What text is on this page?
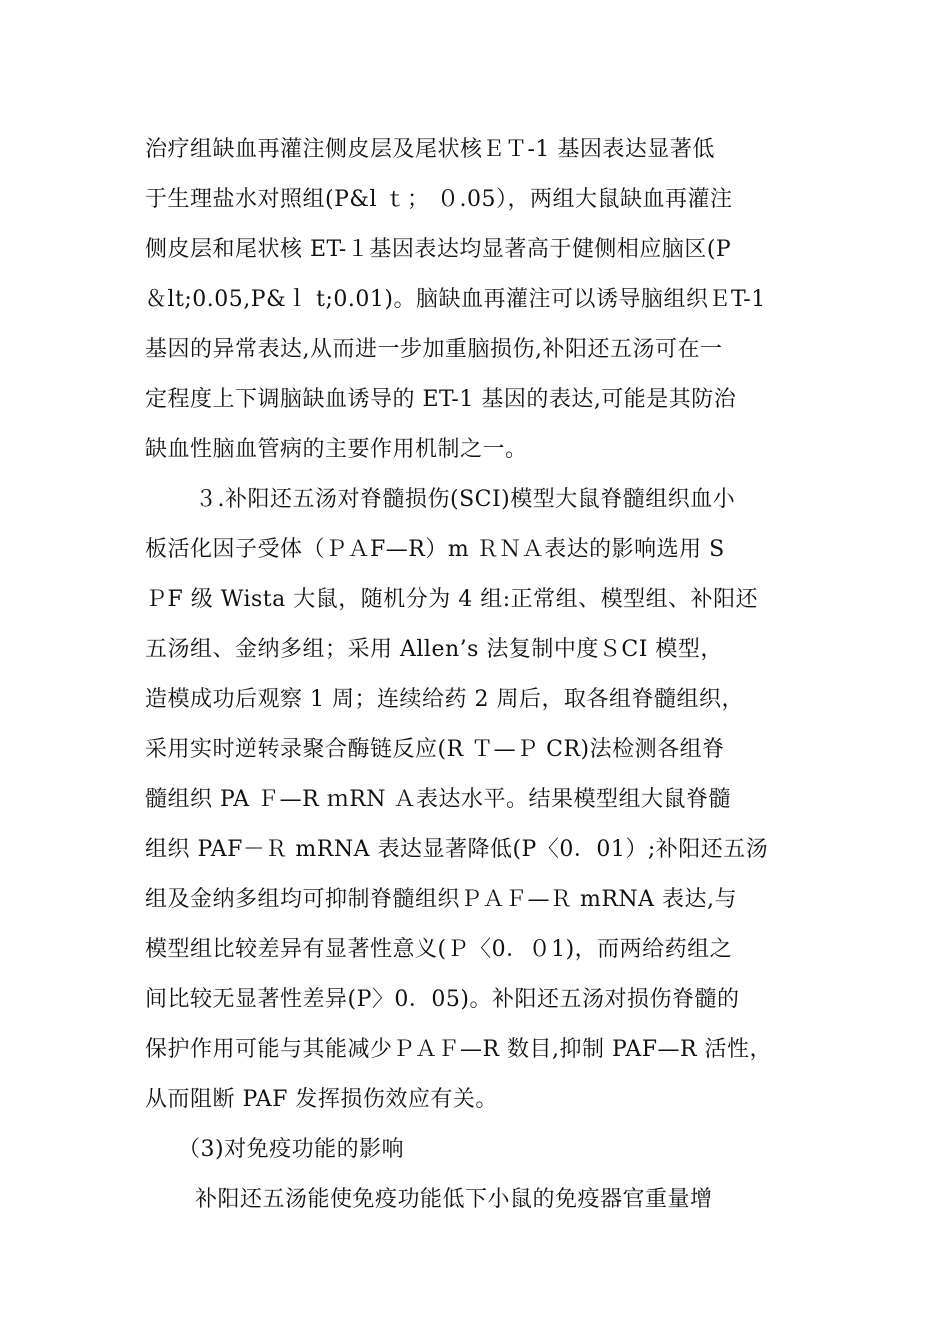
治疗组缺血再灌注侧皮层及尾状核ＥＴ-1 基因表达显著低
于生理盐水对照组(P&l ｔ； ０.05），两组大鼠缺血再灌注
侧皮层和尾状核 ET-１基因表达均显著高于健侧相应脑区(P
＆lt;0.05,P&ｌ t;0.01)。脑缺血再灌注可以诱导脑组织ＥT-1
基因的异常表达,从而进一步加重脑损伤,补阳还五汤可在一
定程度上下调脑缺血诱导的 ET-1 基因的表达,可能是其防治
缺血性脑血管病的主要作用机制之一。
３.补阳还五汤对脊髓损伤(SCI)模型大鼠脊髓组织血小
板活化因子受体（ＰＡF—R）m ＲＮＡ表达的影响选用 S
ＰF 级 Wista 大鼠，随机分为 4 组:正常组、模型组、补阳还
五汤组、金纳多组；采用 Allen’s 法复制中度ＳCI 模型，
造模成功后观察 1 周；连续给药 2 周后，取各组脊髓组织，
采用实时逆转录聚合酶链反应(R Ｔ—Ｐ CR)法检测各组脊
髓组织 PA Ｆ—R ｍRN Ａ表达水平。结果模型组大鼠脊髓
组织 PAF－Ｒ mRNA 表达显著降低(P〈0．01）;补阳还五汤
组及金纳多组均可抑制脊髓组织ＰＡＦ—Ｒ mRNA 表达,与
模型组比较差异有显著性意义(Ｐ〈0．０1)，而两给药组之
间比较无显著性差异(P〉0．05)。补阳还五汤对损伤脊髓的
保护作用可能与其能减少ＰＡＦ—R 数目,抑制 PAF—R 活性，
从而阻断 PAF 发挥损伤效应有关。
（3)对免疫功能的影响
补阳还五汤能使免疫功能低下小鼠的免疫器官重量增
